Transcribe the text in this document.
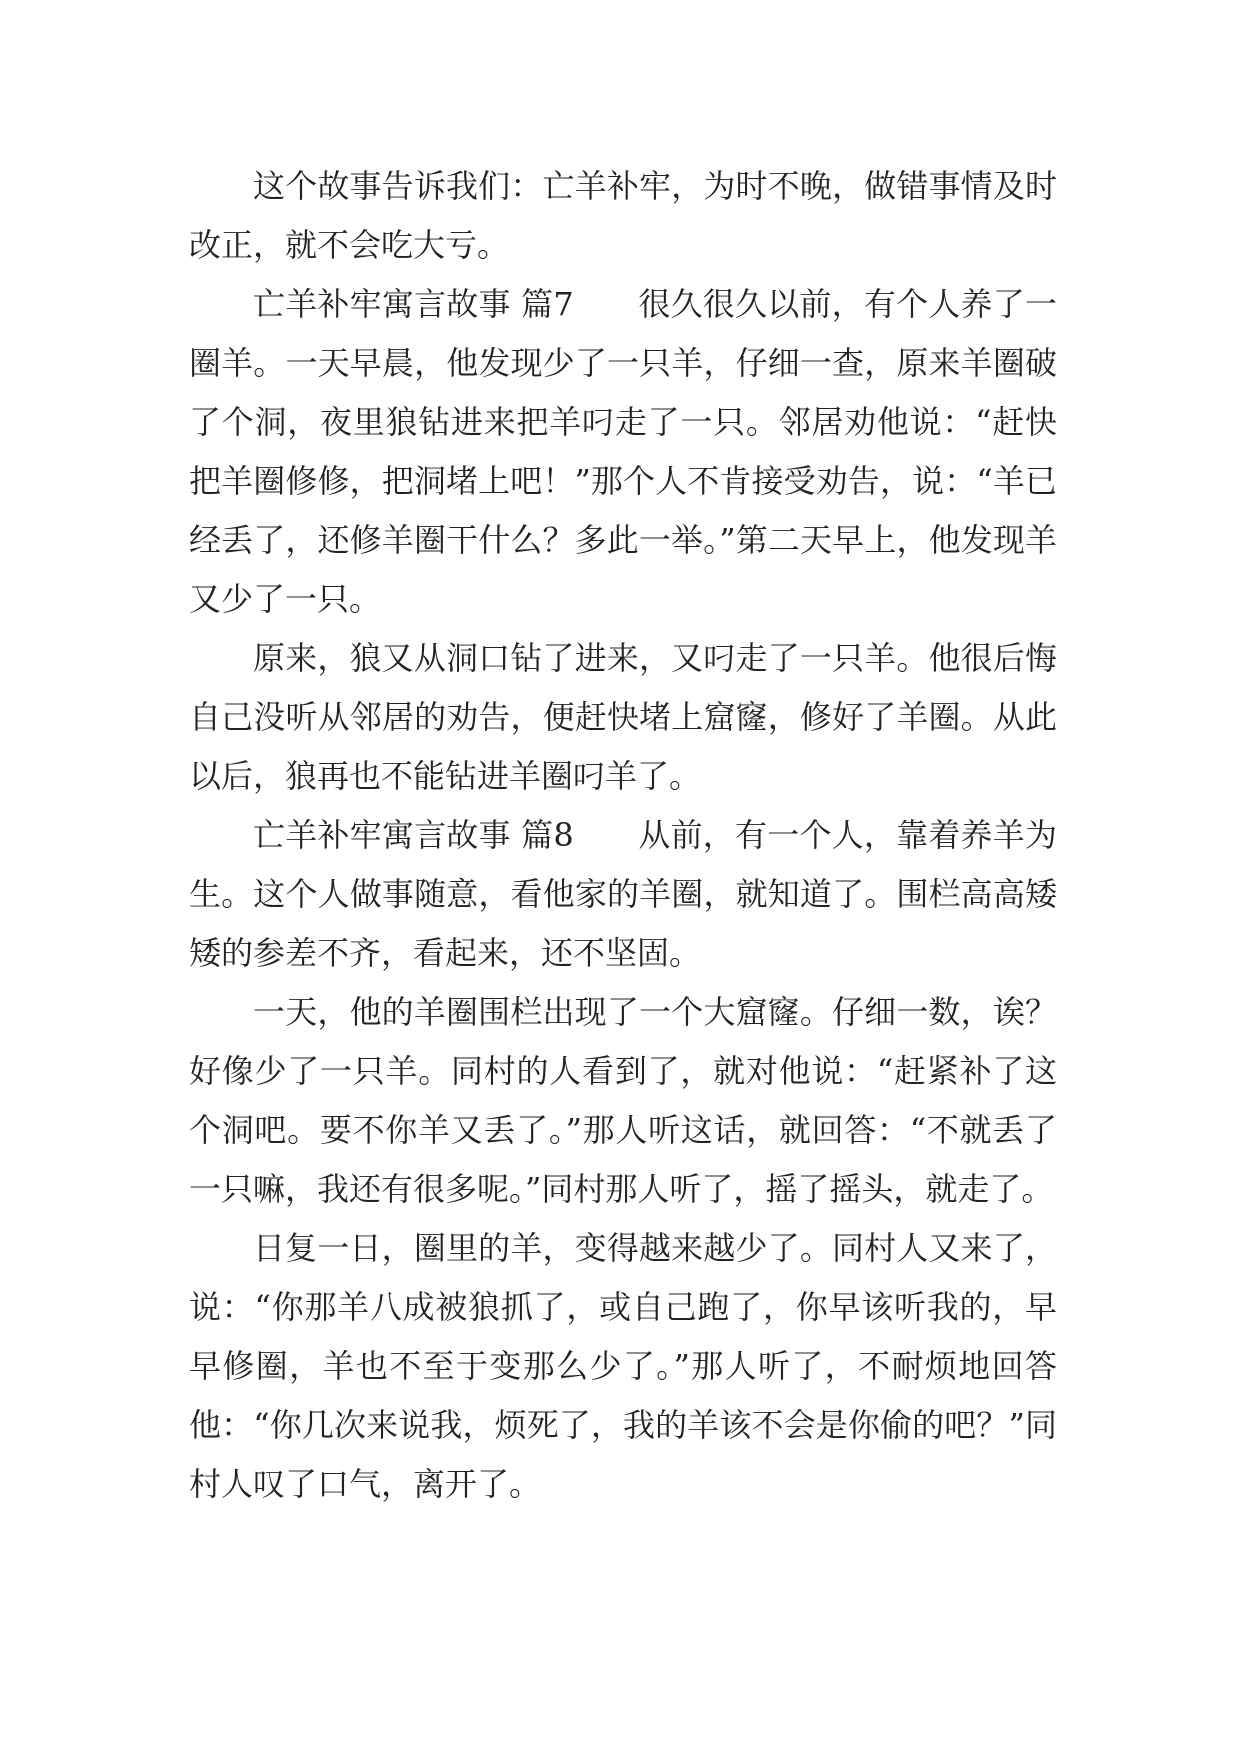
这个故事告诉我们：亡羊补牢，为时不晚，做错事情及时改正，就不会吃大亏。

亡羊补牢寓言故事 篇7　　很久很久以前，有个人养了一圈羊。一天早晨，他发现少了一只羊，仔细一查，原来羊圈破了个洞，夜里狼钻进来把羊叼走了一只。邻居劝他说：“赶快把羊圈修修，把洞堵上吧！”那个人不肯接受劝告，说：“羊已经丢了，还修羊圈干什么？多此一举。”第二天早上，他发现羊又少了一只。

原来，狼又从洞口钻了进来，又叼走了一只羊。他很后悔自己没听从邻居的劝告，便赶快堵上窟窿，修好了羊圈。从此以后，狼再也不能钻进羊圈叼羊了。

亡羊补牢寓言故事 篇8　　从前，有一个人，靠着养羊为生。这个人做事随意，看他家的羊圈，就知道了。围栏高高矮矮的参差不齐，看起来，还不坚固。

一天，他的羊圈围栏出现了一个大窟窿。仔细一数，诶？好像少了一只羊。同村的人看到了，就对他说：“赶紧补了这个洞吧。要不你羊又丢了。”那人听这话，就回答：“不就丢了一只嘛，我还有很多呢。”同村那人听了，摇了摇头，就走了。

日复一日，圈里的羊，变得越来越少了。同村人又来了，说：“你那羊八成被狼抓了，或自己跑了，你早该听我的，早早修圈，羊也不至于变那么少了。”那人听了，不耐烦地回答他：“你几次来说我，烦死了，我的羊该不会是你偷的吧？”同村人叹了口气，离开了。
